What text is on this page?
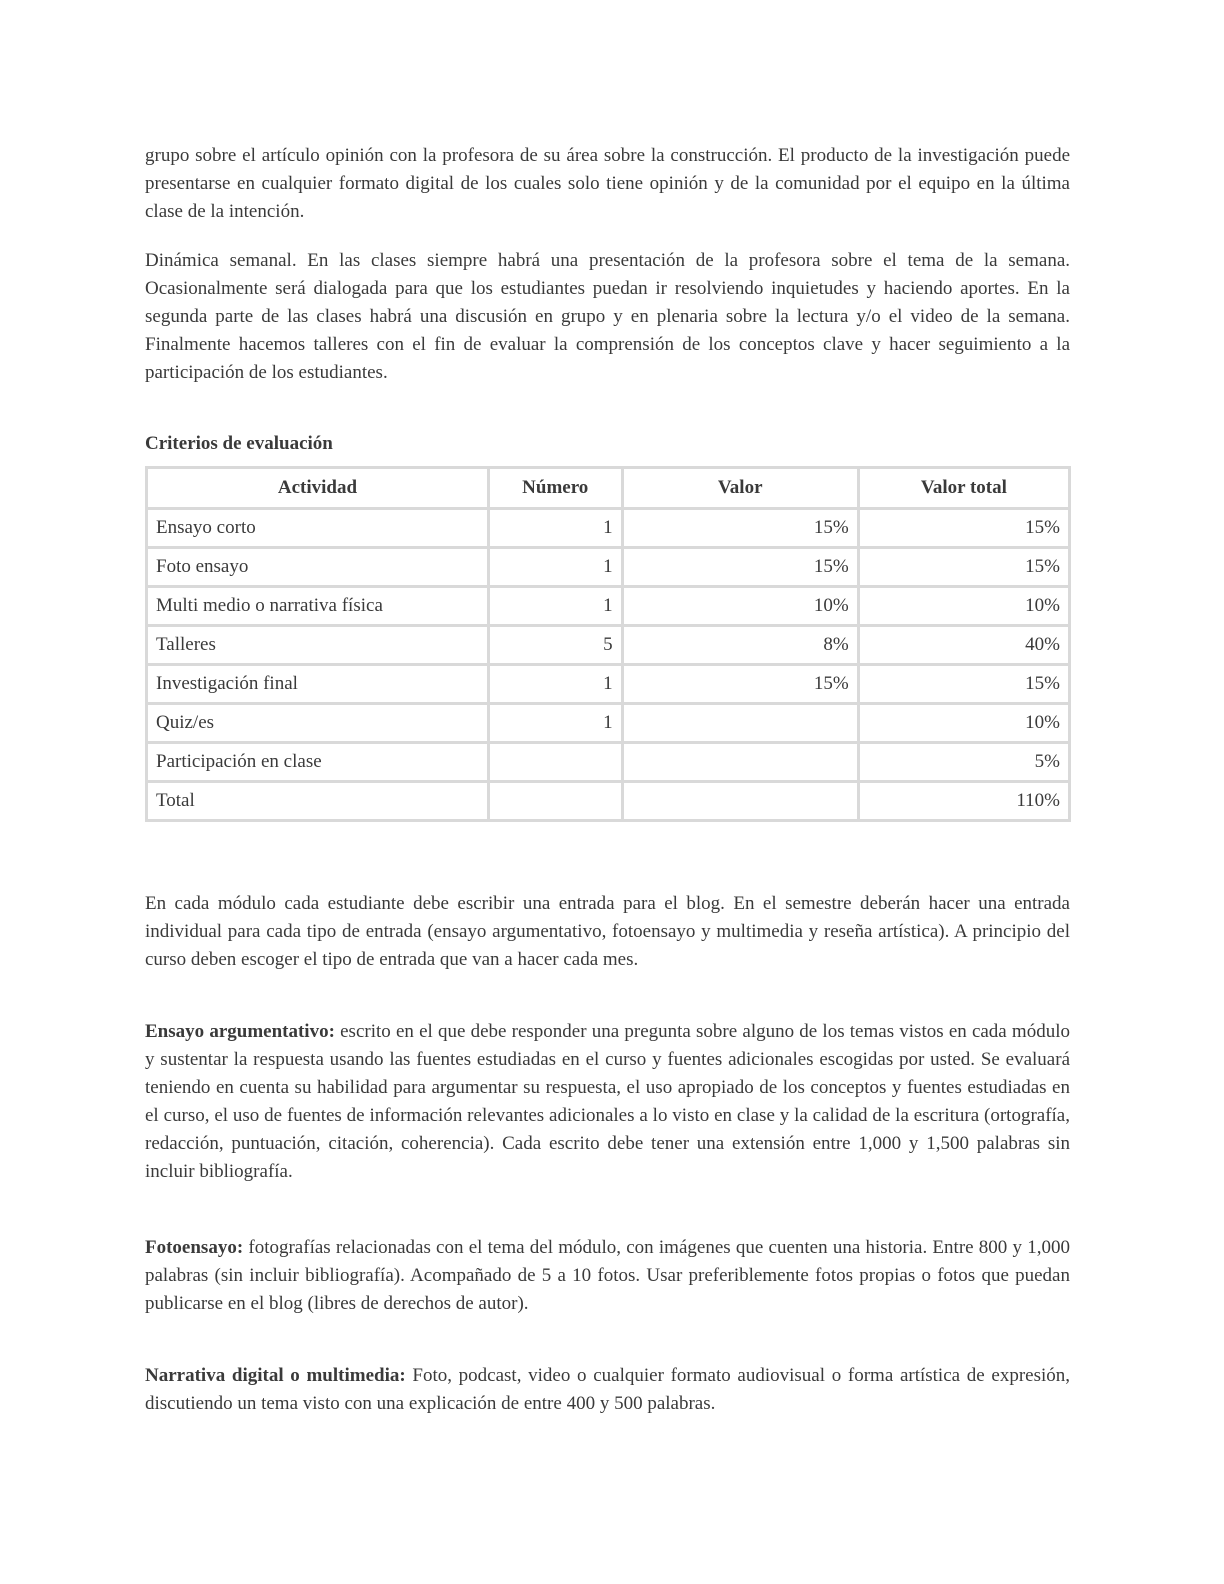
grupo sobre el artículo opinión con la profesora de su área sobre la construcción. El producto de la investigación puede presentarse en cualquier formato digital de los cuales solo tiene opinión y de la comunidad por el equipo en la última clase de la intención.

Dinámica semanal. En las clases siempre habrá una presentación de la profesora sobre el tema de la semana. Ocasionalmente será dialogada para que los estudiantes puedan ir resolviendo inquietudes y haciendo aportes. En la segunda parte de las clases habrá una discusión en grupo y en plenaria sobre la lectura y/o el video de la semana. Finalmente hacemos talleres con el fin de evaluar la comprensión de los conceptos clave y hacer seguimiento a la participación de los estudiantes.

Criterios de evaluación

Actividad	Número	Valor	Valor total
Ensayo corto	1	15%	15%
Foto ensayo	1	15%	15%
Multi medio o narrativa física	1	10%	10%
Talleres	5	8%	40%
Investigación final	1	15%	15%
Quiz/es	1		10%
Participación en clase			5%
Total			110%

En cada módulo cada estudiante debe escribir una entrada para el blog. En el semestre deberán hacer una entrada individual para cada tipo de entrada (ensayo argumentativo, fotoensayo y multimedia y reseña artística). A principio del curso deben escoger el tipo de entrada que van a hacer cada mes.

Ensayo argumentativo: escrito en el que debe responder una pregunta sobre alguno de los temas vistos en cada módulo y sustentar la respuesta usando las fuentes estudiadas en el curso y fuentes adicionales escogidas por usted. Se evaluará teniendo en cuenta su habilidad para argumentar su respuesta, el uso apropiado de los conceptos y fuentes estudiadas en el curso, el uso de fuentes de información relevantes adicionales a lo visto en clase y la calidad de la escritura (ortografía, redacción, puntuación, citación, coherencia). Cada escrito debe tener una extensión entre 1,000 y 1,500 palabras sin incluir bibliografía.

Fotoensayo: fotografías relacionadas con el tema del módulo, con imágenes que cuenten una historia. Entre 800 y 1,000 palabras (sin incluir bibliografía). Acompañado de 5 a 10 fotos. Usar preferiblemente fotos propias o fotos que puedan publicarse en el blog (libres de derechos de autor).

Narrativa digital o multimedia: Foto, podcast, video o cualquier formato audiovisual o forma artística de expresión, discutiendo un tema visto con una explicación de entre 400 y 500 palabras.
